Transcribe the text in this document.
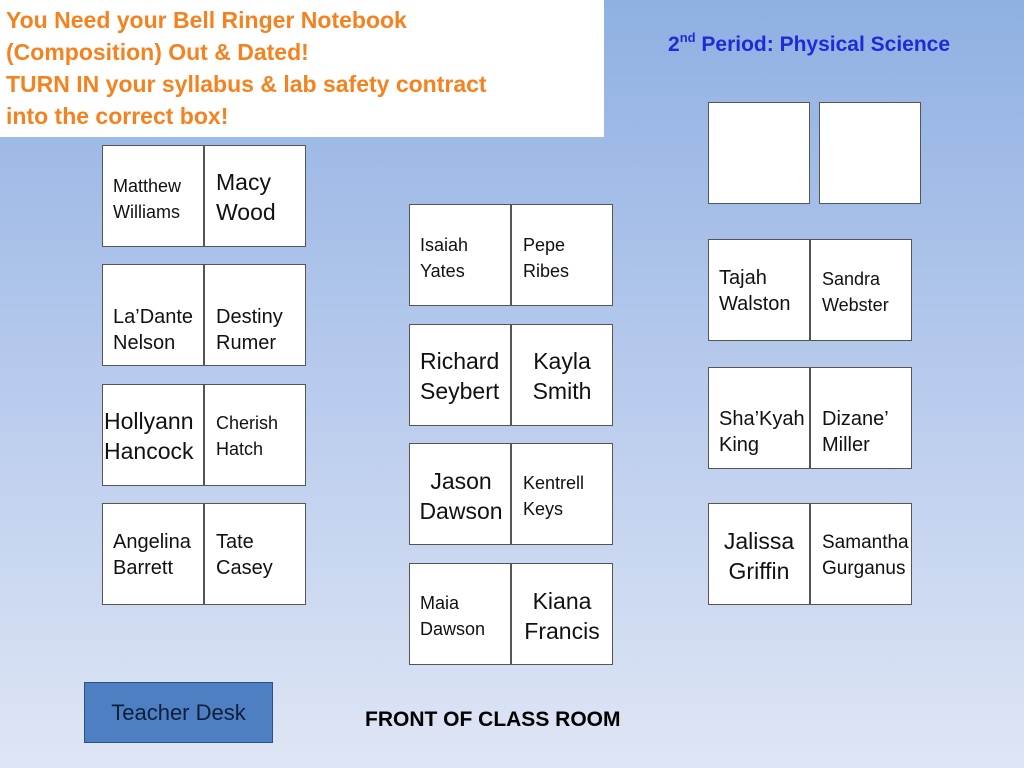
You Need your Bell Ringer Notebook
(Composition) Out & Dated!
TURN IN your syllabus & lab safety contract
into the correct box!
2nd Period: Physical Science
Matthew
Williams
Macy
Wood
La’Dante
Nelson
Destiny
Rumer
Hollyann
Hancock
Cherish
Hatch
Angelina
Barrett
Tate
Casey
Isaiah
Yates
Pepe
Ribes
Richard
Seybert
Kayla
Smith
Jason
Dawson
Kentrell
Keys
Maia
Dawson
Kiana
Francis
Tajah
Walston
Sandra
Webster
Sha’Kyah
King
Dizane’
Miller
Jalissa
Griffin
Samantha
Gurganus
Teacher Desk	FRONT OF CLASS ROOM
